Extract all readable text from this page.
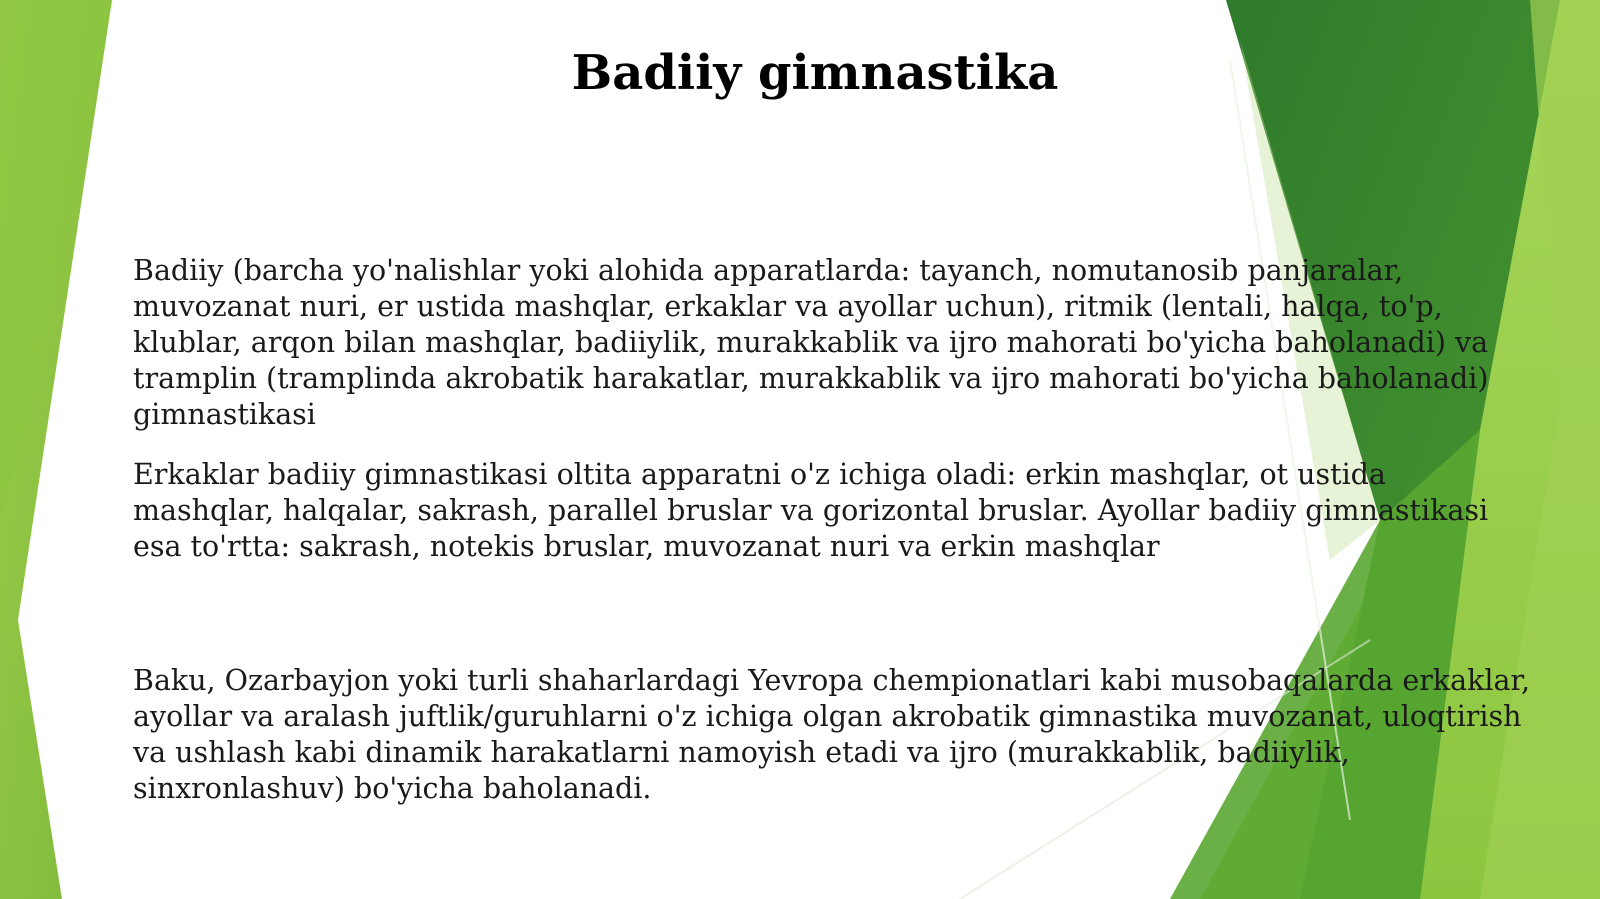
Badiiy gimnastika

Badiiy (barcha yo'nalishlar yoki alohida apparatlarda: tayanch, nomutanosib panjaralar, muvozanat nuri, er ustida mashqlar, erkaklar va ayollar uchun), ritmik (lentali, halqa, to'p, klublar, arqon bilan mashqlar, badiiylik, murakkablik va ijro mahorati bo'yicha baholanadi) va tramplin (tramplinda akrobatik harakatlar, murakkablik va ijro mahorati bo'yicha baholanadi) gimnastikasi

Erkaklar badiiy gimnastikasi oltita apparatni o'z ichiga oladi: erkin mashqlar, ot ustida mashqlar, halqalar, sakrash, parallel bruslar va gorizontal bruslar. Ayollar badiiy gimnastikasi esa to'rtta: sakrash, notekis bruslar, muvozanat nuri va erkin mashqlar

Baku, Ozarbayjon yoki turli shaharlardagi Yevropa chempionatlari kabi musobaqalarda erkaklar, ayollar va aralash juftlik/guruhlarni o'z ichiga olgan akrobatik gimnastika muvozanat, uloqtirish va ushlash kabi dinamik harakatlarni namoyish etadi va ijro (murakkablik, badiiylik, sinxronlashuv) bo'yicha baholanadi.
